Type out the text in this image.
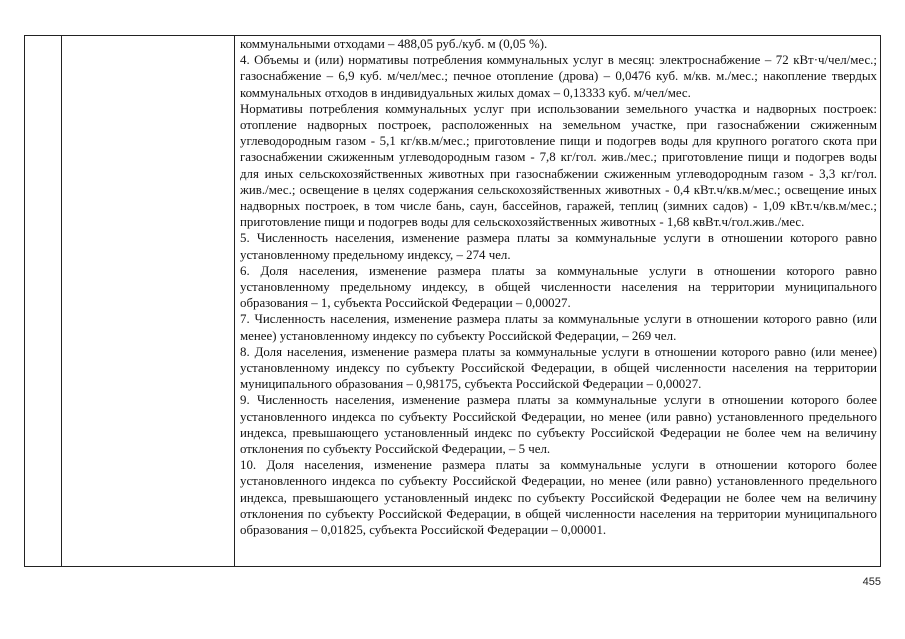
коммунальными отходами – 488,05 руб./куб. м (0,05 %).

4. Объемы и (или) нормативы потребления коммунальных услуг в месяц: электроснабжение – 72 кВт·ч/чел/мес.; газоснабжение – 6,9 куб. м/чел/мес.; печное отопление (дрова) – 0,0476 куб. м/кв. м./мес.; накопление твердых коммунальных отходов в индивидуальных жилых домах – 0,13333 куб. м/чел/мес.

Нормативы потребления коммунальных услуг при использовании земельного участка и надворных построек: отопление надворных построек, расположенных на земельном участке, при газоснабжении сжиженным углеводородным газом - 5,1 кг/кв.м/мес.; приготовление пищи и подогрев воды для крупного рогатого скота при газоснабжении сжиженным углеводородным газом - 7,8 кг/гол. жив./мес.; приготовление пищи и подогрев воды для иных сельскохозяйственных животных при газоснабжении сжиженным углеводородным газом - 3,3 кг/гол. жив./мес.; освещение в целях содержания сельскохозяйственных животных - 0,4 кВт.ч/кв.м/мес.; освещение иных надворных построек, в том числе бань, саун, бассейнов, гаражей, теплиц (зимних садов) - 1,09 кВт.ч/кв.м/мес.; приготовление пищи и подогрев воды для сельскохозяйственных животных - 1,68 квВт.ч/гол.жив./мес.

5. Численность населения, изменение размера платы за коммунальные услуги в отношении которого равно установленному предельному индексу, – 274 чел.

6. Доля населения, изменение размера платы за коммунальные услуги в отношении которого равно установленному предельному индексу, в общей численности населения на территории муниципального образования – 1, субъекта Российской Федерации – 0,00027.

7. Численность населения, изменение размера платы за коммунальные услуги в отношении которого равно (или менее) установленному индексу по субъекту Российской Федерации, – 269 чел.

8. Доля населения, изменение размера платы за коммунальные услуги в отношении которого равно (или менее) установленному индексу по субъекту Российской Федерации, в общей численности населения на территории муниципального образования – 0,98175, субъекта Российской Федерации – 0,00027.

9. Численность населения, изменение размера платы за коммунальные услуги в отношении которого более установленного индекса по субъекту Российской Федерации, но менее (или равно) установленного предельного индекса, превышающего установленный индекс по субъекту Российской Федерации не более чем на величину отклонения по субъекту Российской Федерации, – 5 чел.

10. Доля населения, изменение размера платы за коммунальные услуги в отношении которого более установленного индекса по субъекту Российской Федерации, но менее (или равно) установленного предельного индекса, превышающего установленный индекс по субъекту Российской Федерации не более чем на величину отклонения по субъекту Российской Федерации, в общей численности населения на территории муниципального образования – 0,01825, субъекта Российской Федерации – 0,00001.

455
